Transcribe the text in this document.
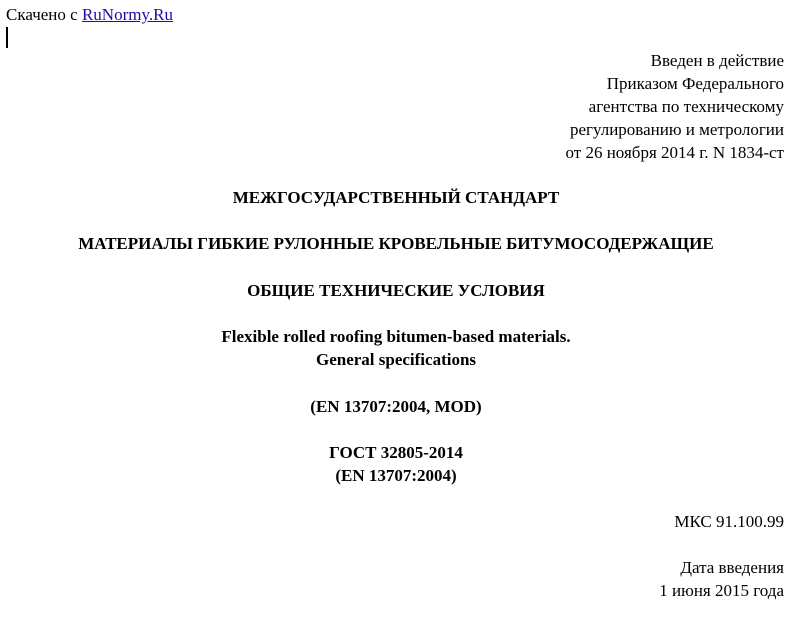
Скачено с RuNormy.Ru
Введен в действие
Приказом Федерального
агентства по техническому
регулированию и метрологии
от 26 ноября 2014 г. N 1834-ст
МЕЖГОСУДАРСТВЕННЫЙ СТАНДАРТ
МАТЕРИАЛЫ ГИБКИЕ РУЛОННЫЕ КРОВЕЛЬНЫЕ БИТУМОСОДЕРЖАЩИЕ
ОБЩИЕ ТЕХНИЧЕСКИЕ УСЛОВИЯ
Flexible rolled roofing bitumen-based materials.
General specifications
(EN 13707:2004, MOD)
ГОСТ 32805-2014
(EN 13707:2004)
МКС 91.100.99
Дата введения
1 июня 2015 года
